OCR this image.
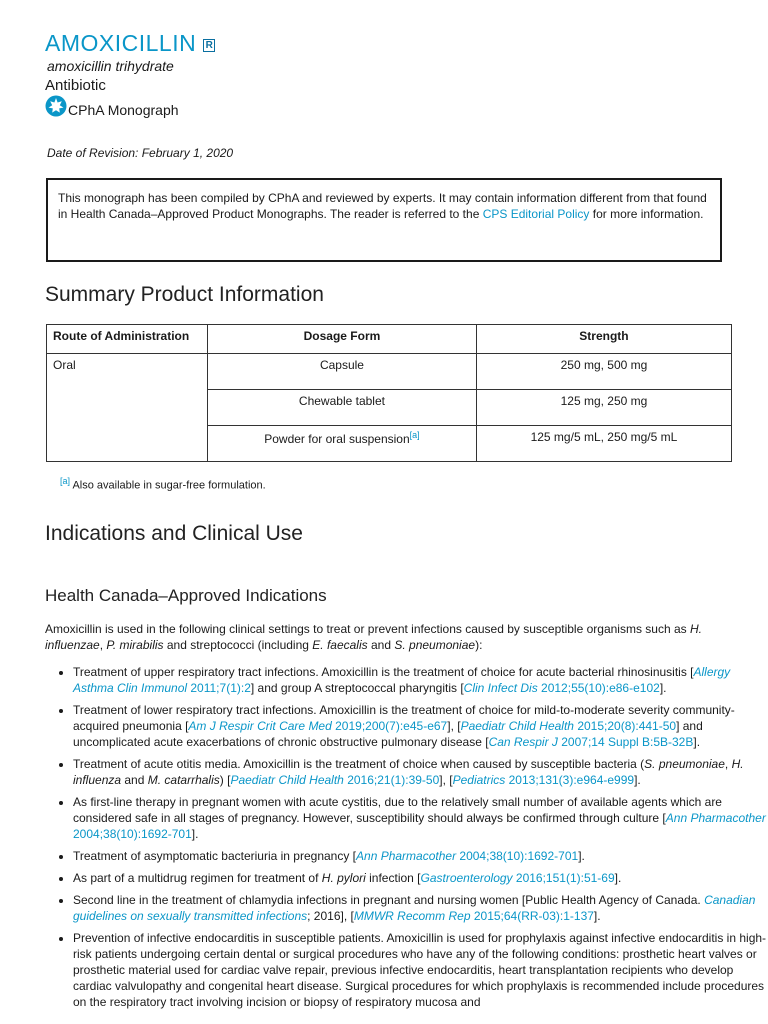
AMOXICILLIN R
amoxicillin trihydrate
Antibiotic
CPhA Monograph
Date of Revision: February 1, 2020
This monograph has been compiled by CPhA and reviewed by experts. It may contain information different from that found in Health Canada–Approved Product Monographs. The reader is referred to the CPS Editorial Policy for more information.
Summary Product Information
Route of Administration	Dosage Form	Strength
Oral	Capsule	250 mg, 500 mg
	Chewable tablet	125 mg, 250 mg
	Powder for oral suspension[a]	125 mg/5 mL, 250 mg/5 mL
[a] Also available in sugar-free formulation.
Indications and Clinical Use
Health Canada–Approved Indications
Amoxicillin is used in the following clinical settings to treat or prevent infections caused by susceptible organisms such as H. influenzae, P. mirabilis and streptococci (including E. faecalis and S. pneumoniae):
• Treatment of upper respiratory tract infections. Amoxicillin is the treatment of choice for acute bacterial rhinosinusitis [Allergy Asthma Clin Immunol 2011;7(1):2] and group A streptococcal pharyngitis [Clin Infect Dis 2012;55(10):e86-e102].
• Treatment of lower respiratory tract infections. Amoxicillin is the treatment of choice for mild-to-moderate severity community-acquired pneumonia [Am J Respir Crit Care Med 2019;200(7):e45-e67], [Paediatr Child Health 2015;20(8):441-50] and uncomplicated acute exacerbations of chronic obstructive pulmonary disease [Can Respir J 2007;14 Suppl B:5B-32B].
• Treatment of acute otitis media. Amoxicillin is the treatment of choice when caused by susceptible bacteria (S. pneumoniae, H. influenza and M. catarrhalis) [Paediatr Child Health 2016;21(1):39-50], [Pediatrics 2013;131(3):e964-e999].
• As first-line therapy in pregnant women with acute cystitis, due to the relatively small number of available agents which are considered safe in all stages of pregnancy. However, susceptibility should always be confirmed through culture [Ann Pharmacother 2004;38(10):1692-701].
• Treatment of asymptomatic bacteriuria in pregnancy [Ann Pharmacother 2004;38(10):1692-701].
• As part of a multidrug regimen for treatment of H. pylori infection [Gastroenterology 2016;151(1):51-69].
• Second line in the treatment of chlamydia infections in pregnant and nursing women [Public Health Agency of Canada. Canadian guidelines on sexually transmitted infections; 2016], [MMWR Recomm Rep 2015;64(RR-03):1-137].
• Prevention of infective endocarditis in susceptible patients. Amoxicillin is used for prophylaxis against infective endocarditis in high-risk patients undergoing certain dental or surgical procedures who have any of the following conditions: prosthetic heart valves or prosthetic material used for cardiac valve repair, previous infective endocarditis, heart transplantation recipients who develop cardiac valvulopathy and congenital heart disease. Surgical procedures for which prophylaxis is recommended include procedures on the respiratory tract involving incision or biopsy of respiratory mucosa and
